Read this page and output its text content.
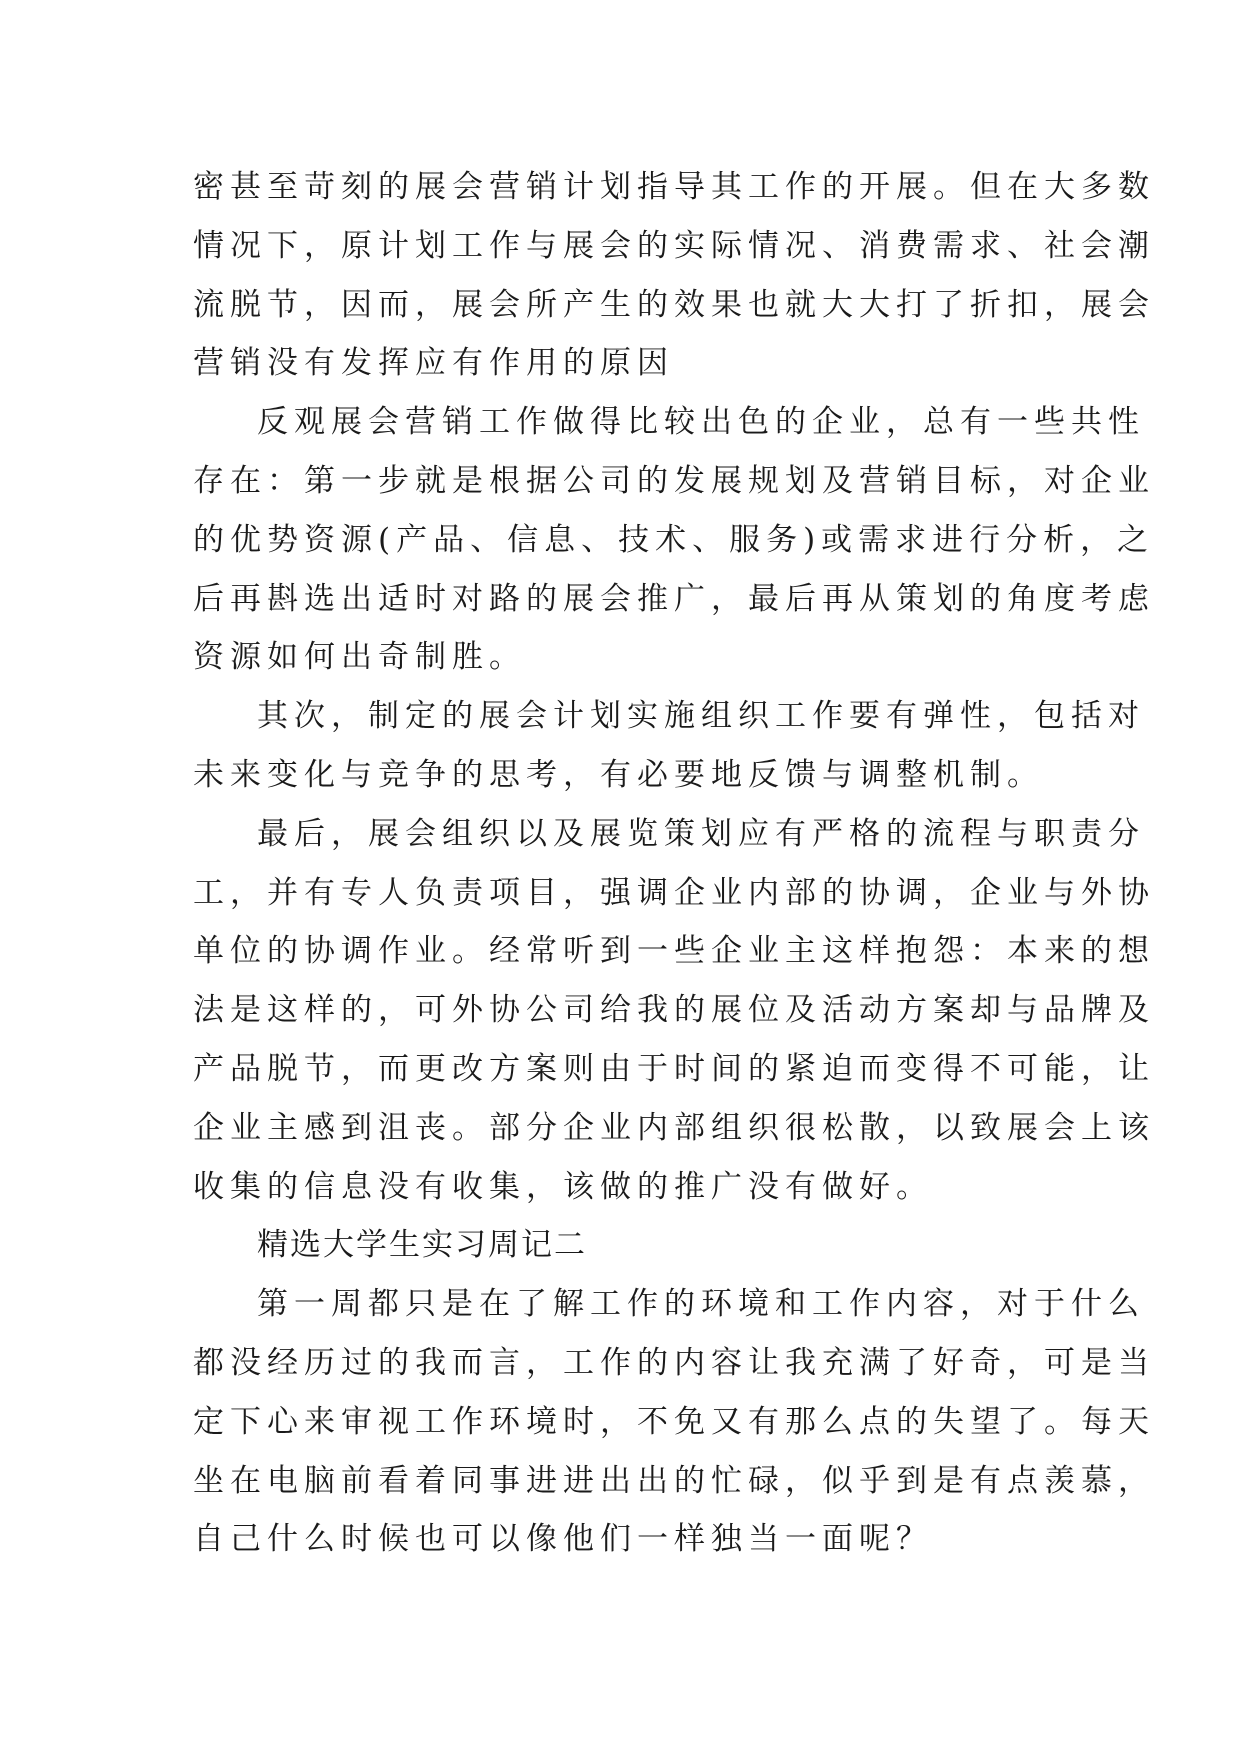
密甚至苛刻的展会营销计划指导其工作的开展。但在大多数
情况下，原计划工作与展会的实际情况、消费需求、社会潮
流脱节，因而，展会所产生的效果也就大大打了折扣，展会
营销没有发挥应有作用的原因
反观展会营销工作做得比较出色的企业，总有一些共性
存在：第一步就是根据公司的发展规划及营销目标，对企业
的优势资源(产品、信息、技术、服务)或需求进行分析，之
后再斟选出适时对路的展会推广，最后再从策划的角度考虑
资源如何出奇制胜。
其次，制定的展会计划实施组织工作要有弹性，包括对
未来变化与竞争的思考，有必要地反馈与调整机制。
最后，展会组织以及展览策划应有严格的流程与职责分
工，并有专人负责项目，强调企业内部的协调，企业与外协
单位的协调作业。经常听到一些企业主这样抱怨：本来的想
法是这样的，可外协公司给我的展位及活动方案却与品牌及
产品脱节，而更改方案则由于时间的紧迫而变得不可能，让
企业主感到沮丧。部分企业内部组织很松散，以致展会上该
收集的信息没有收集，该做的推广没有做好。
精选大学生实习周记二
第一周都只是在了解工作的环境和工作内容，对于什么
都没经历过的我而言，工作的内容让我充满了好奇，可是当
定下心来审视工作环境时，不免又有那么点的失望了。每天
坐在电脑前看着同事进进出出的忙碌，似乎到是有点羡慕，
自己什么时候也可以像他们一样独当一面呢？
